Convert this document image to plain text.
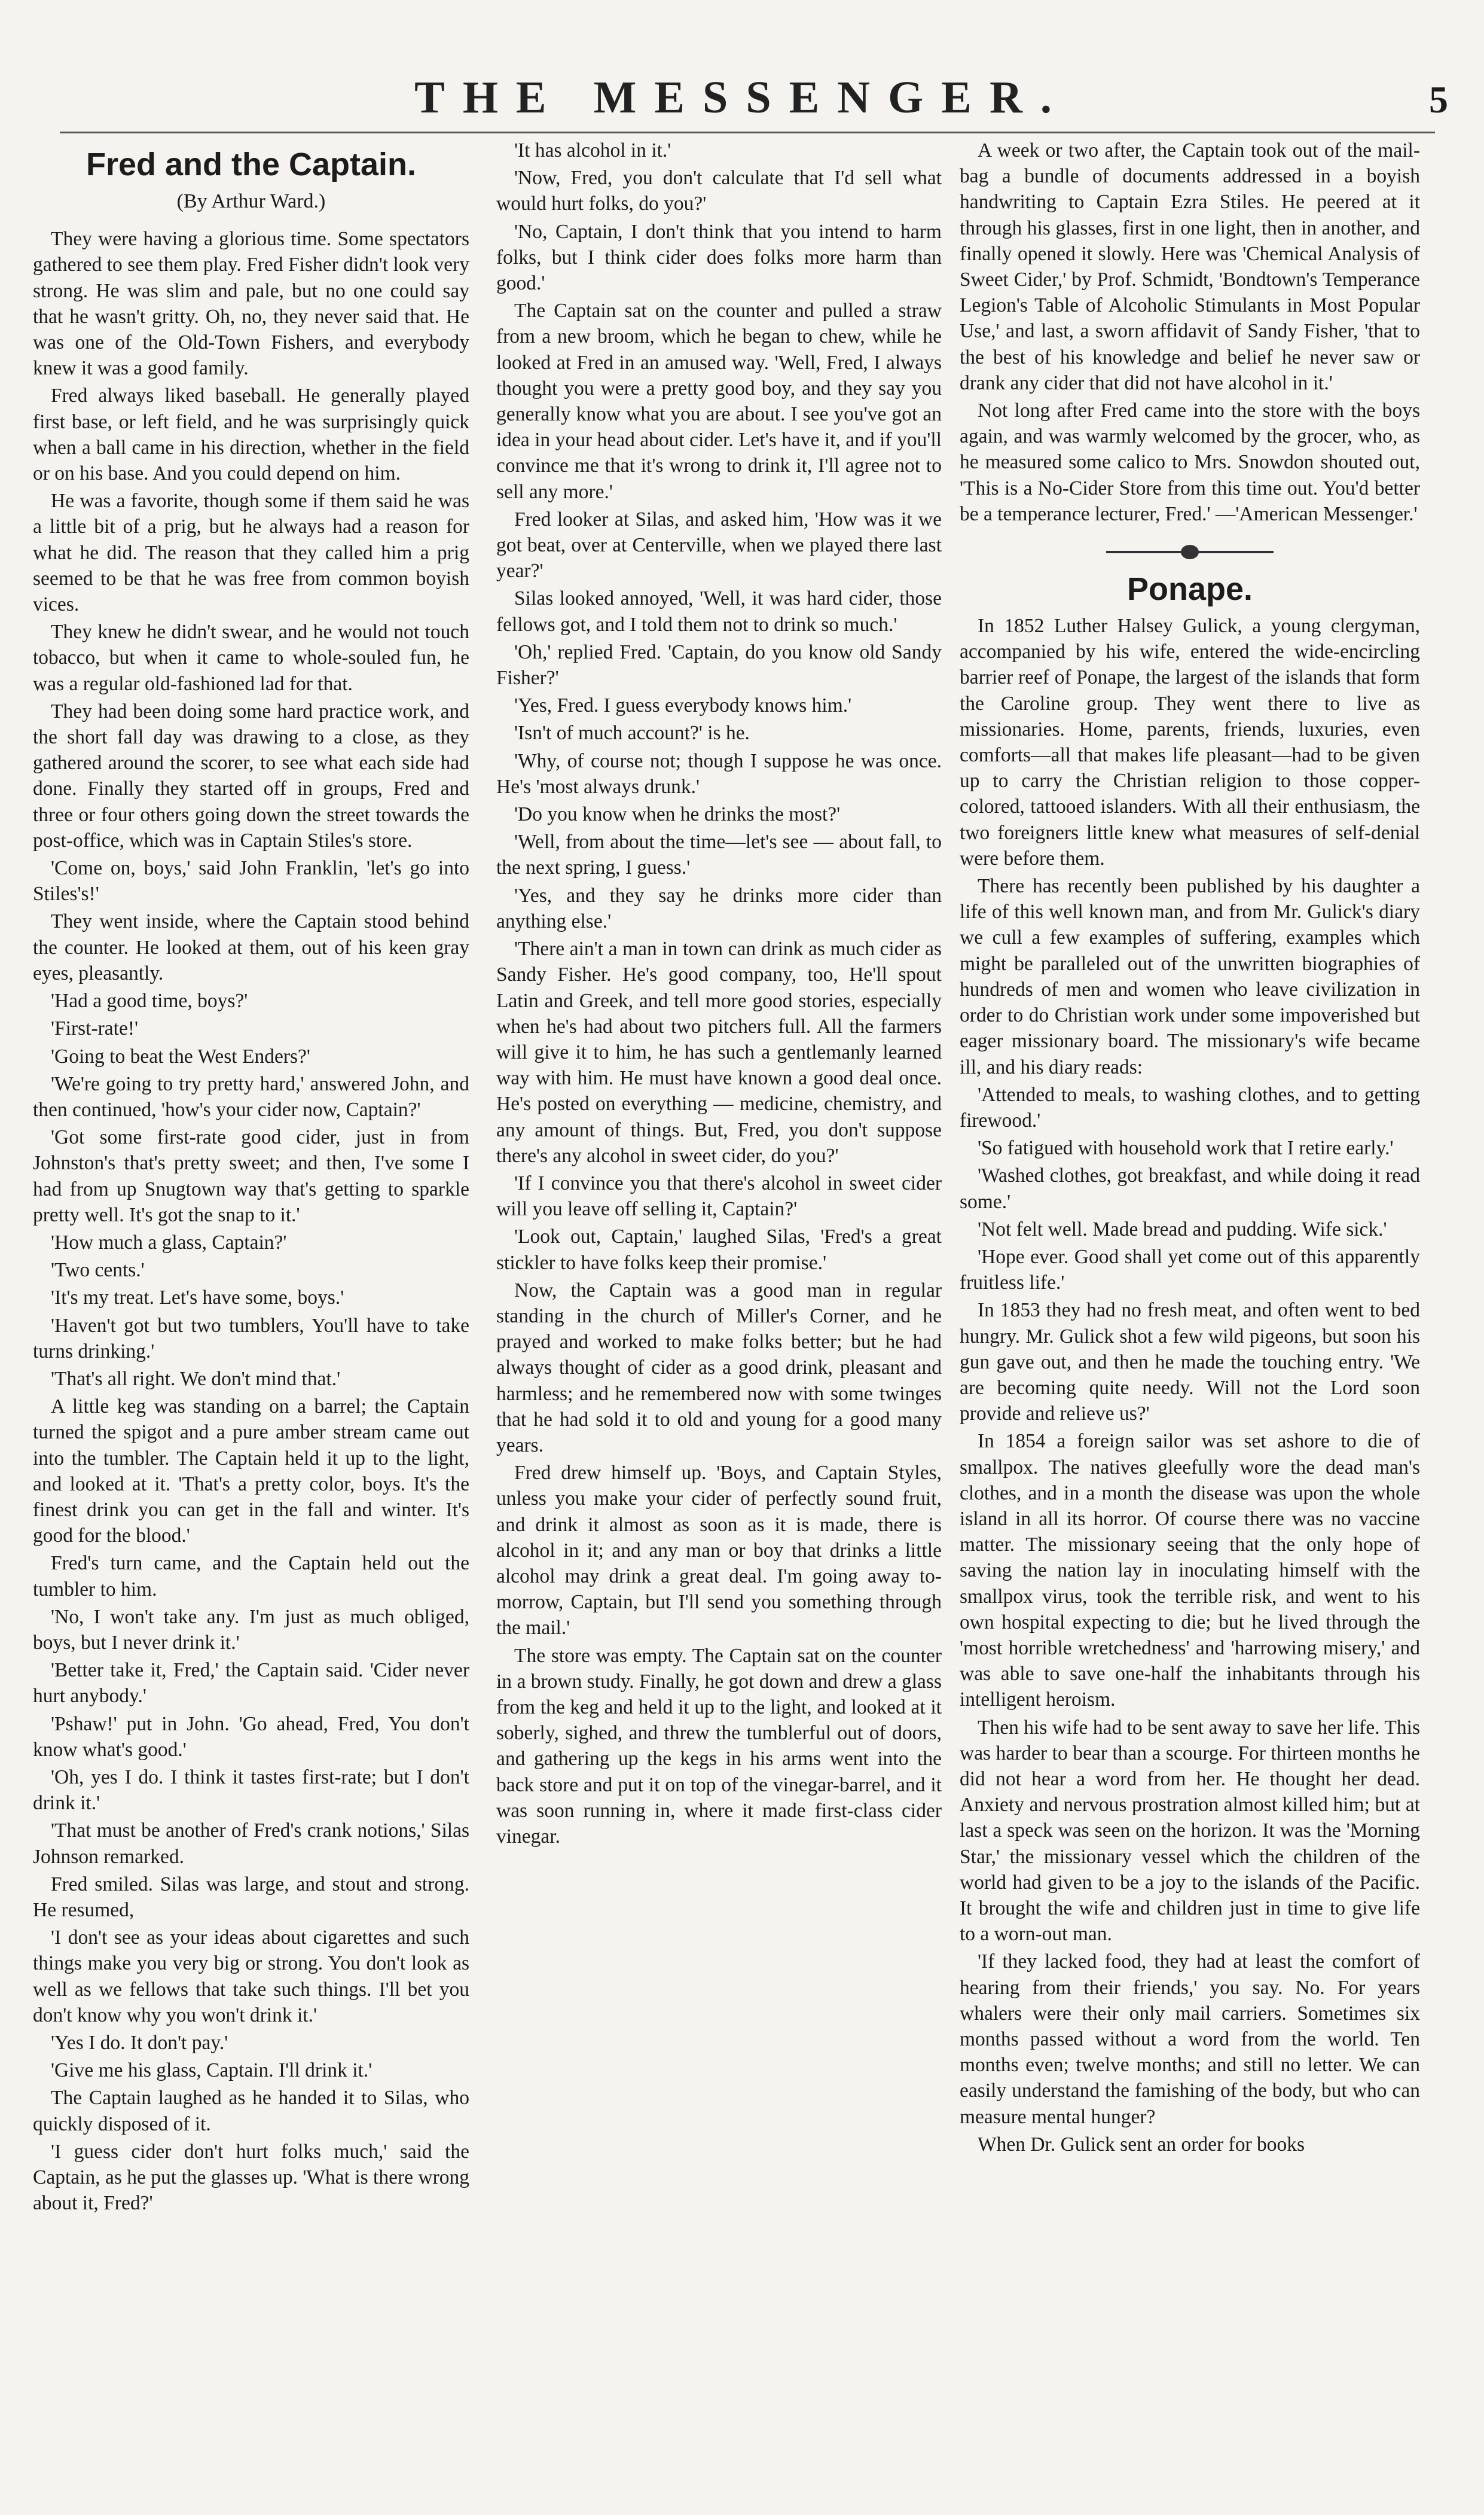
THE MESSENGER.	5
Fred and the Captain.
(By Arthur Ward.)

They were having a glorious time. Some spectators gathered to see them play. Fred Fisher didn't look very strong. He was slim and pale, but no one could say that he wasn't gritty. Oh, no, they never said that. He was one of the Old-Town Fishers, and everybody knew it was a good family.

Fred always liked baseball. He generally played first base, or left field, and he was surprisingly quick when a ball came in his direction, whether in the field or on his base. And you could depend on him.

He was a favorite, though some if them said he was a little bit of a prig, but he always had a reason for what he did. The reason that they called him a prig seemed to be that he was free from common boyish vices.

They knew he didn't swear, and he would not touch tobacco, but when it came to whole-souled fun, he was a regular old-fashioned lad for that.

They had been doing some hard practice work, and the short fall day was drawing to a close, as they gathered around the scorer, to see what each side had done. Finally they started off in groups, Fred and three or four others going down the street towards the post-office, which was in Captain Stiles's store.

'Come on, boys,' said John Franklin, 'let's go into Stiles's!'

They went inside, where the Captain stood behind the counter. He looked at them, out of his keen gray eyes, pleasantly.

'Had a good time, boys?'

'First-rate!'

'Going to beat the West Enders?'

'We're going to try pretty hard,' answered John, and then continued, 'how's your cider now, Captain?'

'Got some first-rate good cider, just in from Johnston's that's pretty sweet; and then, I've some I had from up Snugtown way that's getting to sparkle pretty well. It's got the snap to it.'

'How much a glass, Captain?'

'Two cents.'

'It's my treat. Let's have some, boys.'

'Haven't got but two tumblers, You'll have to take turns drinking.'

'That's all right. We don't mind that.'

A little keg was standing on a barrel; the Captain turned the spigot and a pure amber stream came out into the tumbler. The Captain held it up to the light, and looked at it. 'That's a pretty color, boys. It's the finest drink you can get in the fall and winter. It's good for the blood.'

Fred's turn came, and the Captain held out the tumbler to him.

'No, I won't take any. I'm just as much obliged, boys, but I never drink it.'

'Better take it, Fred,' the Captain said. 'Cider never hurt anybody.'

'Pshaw!' put in John. 'Go ahead, Fred, You don't know what's good.'

'Oh, yes I do. I think it tastes first-rate; but I don't drink it.'

'That must be another of Fred's crank notions,' Silas Johnson remarked.

Fred smiled. Silas was large, and stout and strong. He resumed,

'I don't see as your ideas about cigarettes and such things make you very big or strong. You don't look as well as we fellows that take such things. I'll bet you don't know why you won't drink it.'

'Yes I do. It don't pay.'

'Give me his glass, Captain. I'll drink it.'

The Captain laughed as he handed it to Silas, who quickly disposed of it.

'I guess cider don't hurt folks much,' said the Captain, as he put the glasses up. 'What is there wrong about it, Fred?'

'It has alcohol in it.'

'Now, Fred, you don't calculate that I'd sell what would hurt folks, do you?'

'No, Captain, I don't think that you intend to harm folks, but I think cider does folks more harm than good.'

The Captain sat on the counter and pulled a straw from a new broom, which he began to chew, while he looked at Fred in an amused way. 'Well, Fred, I always thought you were a pretty good boy, and they say you generally know what you are about. I see you've got an idea in your head about cider. Let's have it, and if you'll convince me that it's wrong to drink it, I'll agree not to sell any more.'

Fred looker at Silas, and asked him, 'How was it we got beat, over at Centerville, when we played there last year?'

Silas looked annoyed, 'Well, it was hard cider, those fellows got, and I told them not to drink so much.'

'Oh,' replied Fred. 'Captain, do you know old Sandy Fisher?'

'Yes, Fred. I guess everybody knows him.'

'Isn't of much account?' is he.

'Why, of course not; though I suppose he was once. He's 'most always drunk.'

'Do you know when he drinks the most?'

'Well, from about the time—let's see — about fall, to the next spring, I guess.'

'Yes, and they say he drinks more cider than anything else.'

'There ain't a man in town can drink as much cider as Sandy Fisher. He's good company, too, He'll spout Latin and Greek, and tell more good stories, especially when he's had about two pitchers full. All the farmers will give it to him, he has such a gentlemanly learned way with him. He must have known a good deal once. He's posted on everything — medicine, chemistry, and any amount of things. But, Fred, you don't suppose there's any alcohol in sweet cider, do you?'

'If I convince you that there's alcohol in sweet cider will you leave off selling it, Captain?'

'Look out, Captain,' laughed Silas, 'Fred's a great stickler to have folks keep their promise.'

Now, the Captain was a good man in regular standing in the church of Miller's Corner, and he prayed and worked to make folks better; but he had always thought of cider as a good drink, pleasant and harmless; and he remembered now with some twinges that he had sold it to old and young for a good many years.

Fred drew himself up. 'Boys, and Captain Styles, unless you make your cider of perfectly sound fruit, and drink it almost as soon as it is made, there is alcohol in it; and any man or boy that drinks a little alcohol may drink a great deal. I'm going away to-morrow, Captain, but I'll send you something through the mail.'

The store was empty. The Captain sat on the counter in a brown study. Finally, he got down and drew a glass from the keg and held it up to the light, and looked at it soberly, sighed, and threw the tumblerful out of doors, and gathering up the kegs in his arms went into the back store and put it on top of the vinegar-barrel, and it was soon running in, where it made first-class cider vinegar.

A week or two after, the Captain took out of the mail-bag a bundle of documents addressed in a boyish handwriting to Captain Ezra Stiles. He peered at it through his glasses, first in one light, then in another, and finally opened it slowly. Here was 'Chemical Analysis of Sweet Cider,' by Prof. Schmidt, 'Bondtown's Temperance Legion's Table of Alcoholic Stimulants in Most Popular Use,' and last, a sworn affidavit of Sandy Fisher, 'that to the best of his knowledge and belief he never saw or drank any cider that did not have alcohol in it.'

Not long after Fred came into the store with the boys again, and was warmly welcomed by the grocer, who, as he measured some calico to Mrs. Snowdon shouted out, 'This is a No-Cider Store from this time out. You'd better be a temperance lecturer, Fred.' —'American Messenger.'

Ponape.

In 1852 Luther Halsey Gulick, a young clergyman, accompanied by his wife, entered the wide-encircling barrier reef of Ponape, the largest of the islands that form the Caroline group. They went there to live as missionaries. Home, parents, friends, luxuries, even comforts—all that makes life pleasant—had to be given up to carry the Christian religion to those copper-colored, tattooed islanders. With all their enthusiasm, the two foreigners little knew what measures of self-denial were before them.

There has recently been published by his daughter a life of this well known man, and from Mr. Gulick's diary we cull a few examples of suffering, examples which might be paralleled out of the unwritten biographies of hundreds of men and women who leave civilization in order to do Christian work under some impoverished but eager missionary board. The missionary's wife became ill, and his diary reads:

'Attended to meals, to washing clothes, and to getting firewood.'

'So fatigued with household work that I retire early.'

'Washed clothes, got breakfast, and while doing it read some.'

'Not felt well. Made bread and pudding. Wife sick.'

'Hope ever. Good shall yet come out of this apparently fruitless life.'

In 1853 they had no fresh meat, and often went to bed hungry. Mr. Gulick shot a few wild pigeons, but soon his gun gave out, and then he made the touching entry. 'We are becoming quite needy. Will not the Lord soon provide and relieve us?'

In 1854 a foreign sailor was set ashore to die of smallpox. The natives gleefully wore the dead man's clothes, and in a month the disease was upon the whole island in all its horror. Of course there was no vaccine matter. The missionary seeing that the only hope of saving the nation lay in inoculating himself with the smallpox virus, took the terrible risk, and went to his own hospital expecting to die; but he lived through the 'most horrible wretchedness' and 'harrowing misery,' and was able to save one-half the inhabitants through his intelligent heroism.

Then his wife had to be sent away to save her life. This was harder to bear than a scourge. For thirteen months he did not hear a word from her. He thought her dead. Anxiety and nervous prostration almost killed him; but at last a speck was seen on the horizon. It was the 'Morning Star,' the missionary vessel which the children of the world had given to be a joy to the islands of the Pacific. It brought the wife and children just in time to give life to a worn-out man.

'If they lacked food, they had at least the comfort of hearing from their friends,' you say. No. For years whalers were their only mail carriers. Sometimes six months passed without a word from the world. Ten months even; twelve months; and still no letter. We can easily understand the famishing of the body, but who can measure mental hunger?

When Dr. Gulick sent an order for books
